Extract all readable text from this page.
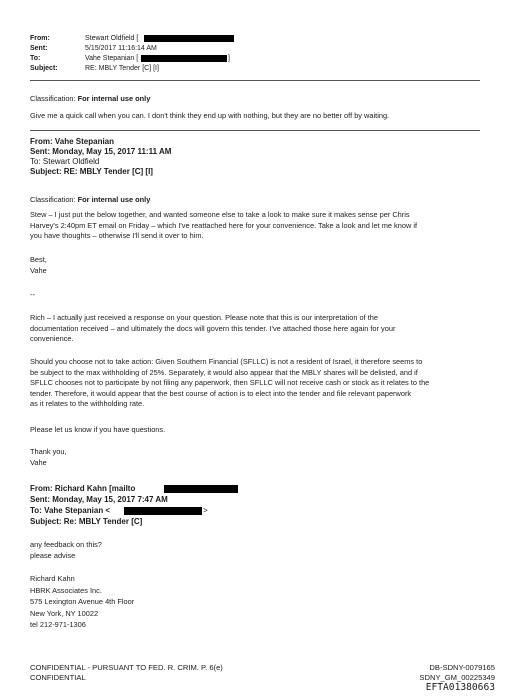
From:	Stewart Oldfield [
Sent:	5/15/2017 11:16:14 AM
To:	Vahe Stepanian [	]
Subject:	RE: MBLY Tender [C] [I]
Classification: For internal use only
Give me a quick call when you can. I don't think they end up with nothing, but they are no better off by waiting.
From: Vahe Stepanian
Sent: Monday, May 15, 2017 11:11 AM
To: Stewart Oldfield
Subject: RE: MBLY Tender [C] [I]
Classification: For internal use only
Stew – I just put the below together, and wanted someone else to take a look to make sure it makes sense per Chris
Harvey's 2:40pm ET email on Friday – which I've reattached here for your convenience. Take a look and let me know if
you have thoughts – otherwise I'll send it over to him.
Best,
Vahe
--
Rich – I actually just received a response on your question. Please note that this is our interpretation of the
documentation received – and ultimately the docs will govern this tender. I've attached those here again for your
convenience.
Should you choose not to take action: Given Southern Financial (SFLLC) is not a resident of Israel, it therefore seems to
be subject to the max withholding of 25%. Separately, it would also appear that the MBLY shares will be delisted, and if
SFLLC chooses not to participate by not filing any paperwork, then SFLLC will not receive cash or stock as it relates to the
tender. Therefore, it would appear that the best course of action is to elect into the tender and file relevant paperwork
as it relates to the withholding rate.
Please let us know if you have questions.
Thank you,
Vahe
From: Richard Kahn [mailto
Sent: Monday, May 15, 2017 7:47 AM
To: Vahe Stepanian <	>
Subject: Re: MBLY Tender [C]
any feedback on this?
please advise
Richard Kahn
HBRK Associates Inc.
575 Lexington Avenue 4th Floor
New York, NY 10022
tel 212-971-1306
CONFIDENTIAL - PURSUANT TO FED. R. CRIM. P. 6(e)
CONFIDENTIAL
DB-SDNY-0079165
SDNY_GM_00225349
EFTA01380663
